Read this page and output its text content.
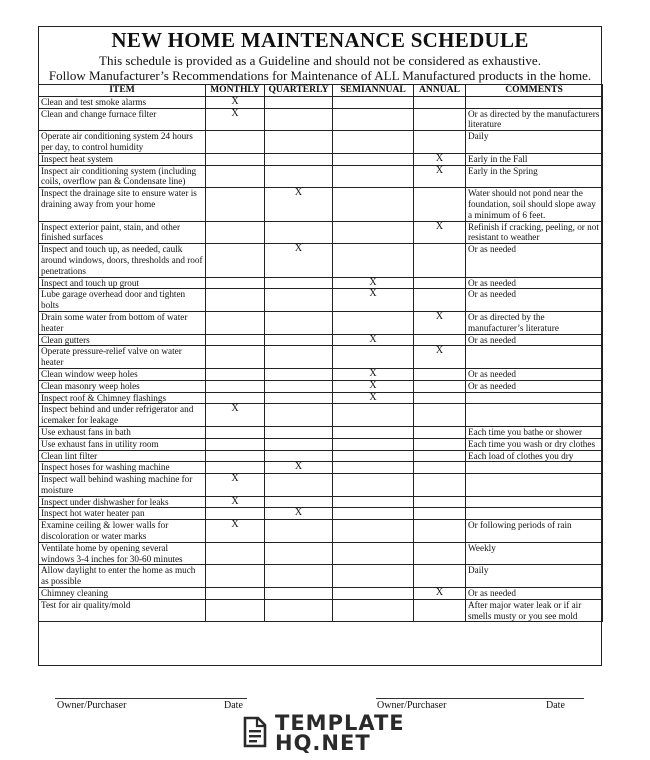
NEW HOME MAINTENANCE SCHEDULE
This schedule is provided as a Guideline and should not be considered as exhaustive.
Follow Manufacturer’s Recommendations for Maintenance of ALL Manufactured products in the home.
ITEM	MONTHLY	QUARTERLY	SEMIANNUAL	ANNUAL	COMMENTS
Clean and test smoke alarms	X				
Clean and change furnace filter	X				Or as directed by the manufacturers literature
Operate air conditioning system 24 hours per day, to control humidity					Daily
Inspect heat system				X	Early in the Fall
Inspect air conditioning system (including coils, overflow pan & Condensate line)				X	Early in the Spring
Inspect the drainage site to ensure water is draining away from your home		X			Water should not pond near the foundation, soil should slope away a minimum of 6 feet.
Inspect exterior paint, stain, and other finished surfaces				X	Refinish if cracking, peeling, or not resistant to weather
Inspect and touch up, as needed, caulk around windows, doors, thresholds and roof penetrations		X			Or as needed
Inspect and touch up grout			X		Or as needed
Lube garage overhead door and tighten bolts			X		Or as needed
Drain some water from bottom of water heater				X	Or as directed by the manufacturer’s literature
Clean gutters			X		Or as needed
Operate pressure-relief valve on water heater				X	
Clean window weep holes			X		Or as needed
Clean masonry weep holes			X		Or as needed
Inspect roof & Chimney flashings			X		
Inspect behind and under refrigerator and icemaker for leakage	X				
Use exhaust fans in bath					Each time you bathe or shower
Use exhaust fans in utility room					Each time you wash or dry clothes
Clean lint filter					Each load of clothes you dry
Inspect hoses for washing machine		X			
Inspect wall behind washing machine for moisture	X				
Inspect under dishwasher for leaks	X				
Inspect hot water heater pan		X			
Examine ceiling & lower walls for discoloration or water marks	X				Or following periods of rain
Ventilate home by opening several windows 3-4 inches for 30-60 minutes					Weekly
Allow daylight to enter the home as much as possible					Daily
Chimney cleaning				X	Or as needed
Test for air quality/mold					After major water leak or if air smells musty or you see mold
Owner/Purchaser	Date	Owner/Purchaser	Date
TEMPLATE
HQ.NET
